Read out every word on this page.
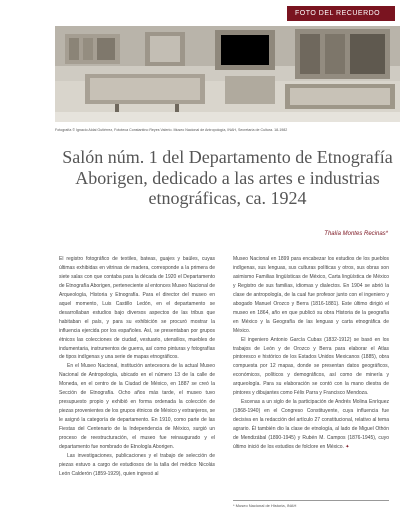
FOTO DEL RECUERDO
Fotografía © Ignacio Aldai Gutiérrez, Fototeca Constantino Reyes Valerio. Museo Nacional de Antropología, INAH, Secretaría de Cultura. 18-1982
Salón núm. 1 del Departamento de Etnografía Aborigen, dedicado a las artes e industrias etnográficas, ca. 1924
Thalía Montes Recinas*

El registro fotográfico de textiles, bateas, guajes y baúles, cuyas últimas exhibidas en vitrinas de madera, corresponde a la primera de siete salas con que contaba para la década de 1920 el Departamento de Etnografía Aborigen, perteneciente al entonces Museo Nacional de Arqueología, Historia y Etnografía. Para el director del museo en aquel momento, Luis Castillo Ledón, en el departamento se desarrollaban estudios bajo diversos aspectos de las tribus que habitaban el país, y para su exhibición se procuró mostrar la influencia ejercida por los españoles. Así, se presentaban por grupos étnicos las colecciones de ciudad, vestuario, utensilios, muebles de indumentaria, instrumentos de guerra, así como pinturas y fotografías de tipos indígenas y una serie de mapas etnográficos.

En el Museo Nacional, institución antecesora de la actual Museo Nacional de Antropología, ubicado en el número 13 de la calle de Moneda, en el centro de la Ciudad de México, en 1887 se creó la Sección de Etnografía. Ocho años más tarde, el museo tuvo presupuesto propio y exhibió en forma ordenada la colección de piezas provenientes de los grupos étnicos de México y extranjeros, se le asignó la categoría de departamento. En 1910, como parte de las Fiestas del Centenario de la Independencia de México, surgió un proceso de reestructuración, el museo fue reinaugurado y el departamento fue nombrado de Etnología Aborigen.

Las investigaciones, publicaciones y el trabajo de selección de piezas estuvo a cargo de estudiosos de la talla del médico Nicolás León Calderón (1859-1929), quien ingresó al

Museo Nacional en 1899 para encabezar los estudios de los pueblos indígenas, sus lenguas, sus culturas políticas y otros, sus obras son asimismo Familias lingüísticas de México, Carta lingüística de México y Registro de sus familias, idiomas y dialectos. En 1904 se abrió la clase de antropología, de la cual fue profesor junto con el ingeniero y abogado Manuel Orozco y Berra (1816-1881). Este último dirigió el museo en 1864, año en que publicó su obra Historia de la geografía en México y la Geografía de las lenguas y carta etnográfica de México.

El ingeniero Antonio García Cubas (1832-1912) se basó en los trabajos de León y de Orozco y Berra para elaborar el Atlas pintoresco e histórico de los Estados Unidos Mexicanos (1885), obra compuesta por 12 mapas, donde se presentan datos geográficos, económicos, políticos y demográficos, así como de minería y arqueología. Para su elaboración se contó con la mano diestra de pintores y dibujantes como Félix Parra y Francisco Mendoza.

Escenas a un siglo de la participación de Andrés Molina Enríquez (1868-1940) en el Congreso Constituyente, cuya influencia fue decisiva en la redacción del artículo 27 constitucional, relativo al tema agrario. Él también dio la clase de etnología, al lado de Miguel Othón de Mendizábal (1890-1945) y Rubén M. Campos (1876-1945), cuyo último inició de los estudios de folclore en México. ✦

* Museo Nacional de Historia, INAH
